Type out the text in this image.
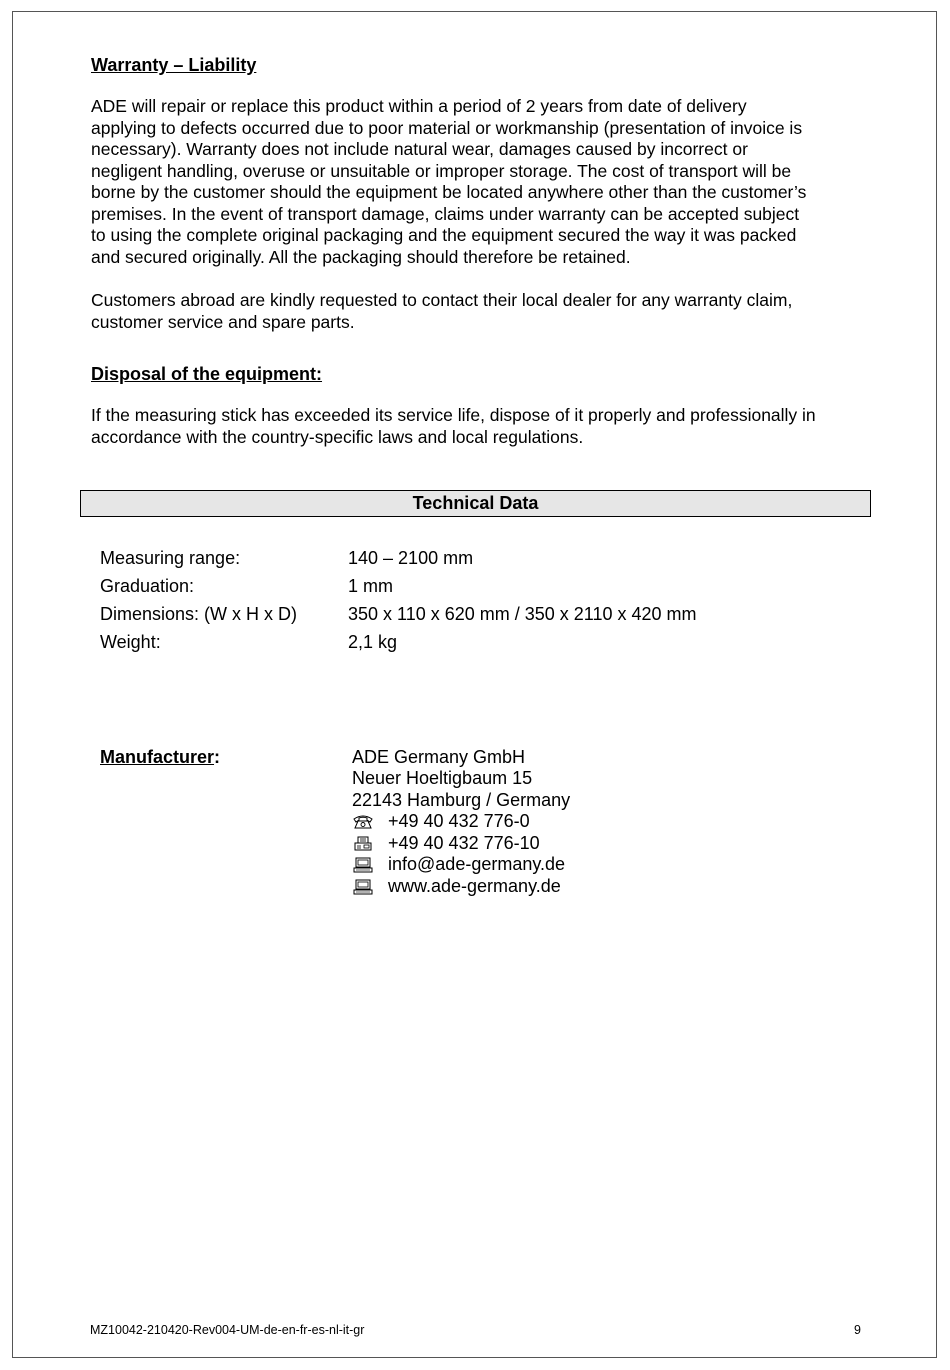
Warranty – Liability
ADE will repair or replace this product within a period of 2 years from date of delivery
applying to defects occurred due to poor material or workmanship (presentation of invoice is
necessary). Warranty does not include natural wear, damages caused by incorrect or
negligent handling, overuse or unsuitable or improper storage. The cost of transport will be
borne by the customer should the equipment be located anywhere other than the customer’s
premises. In the event of transport damage, claims under warranty can be accepted subject
to using the complete original packaging and the equipment secured the way it was packed
and secured originally. All the packaging should therefore be retained.
Customers abroad are kindly requested to contact their local dealer for any warranty claim,
customer service and spare parts.
Disposal of the equipment:
If the measuring stick has exceeded its service life, dispose of it properly and professionally in
accordance with the country-specific laws and local regulations.
Technical Data
Measuring range:	140 – 2100 mm
Graduation:	1 mm
Dimensions: (W x H x D)	350 x 110 x 620 mm / 350 x 2110 x 420 mm
Weight:	2,1 kg
Manufacturer:	ADE Germany GmbH
Neuer Hoeltigbaum 15
22143 Hamburg / Germany
+49 40 432 776-0
+49 40 432 776-10
info@ade-germany.de
www.ade-germany.de
MZ10042-210420-Rev004-UM-de-en-fr-es-nl-it-gr	9
